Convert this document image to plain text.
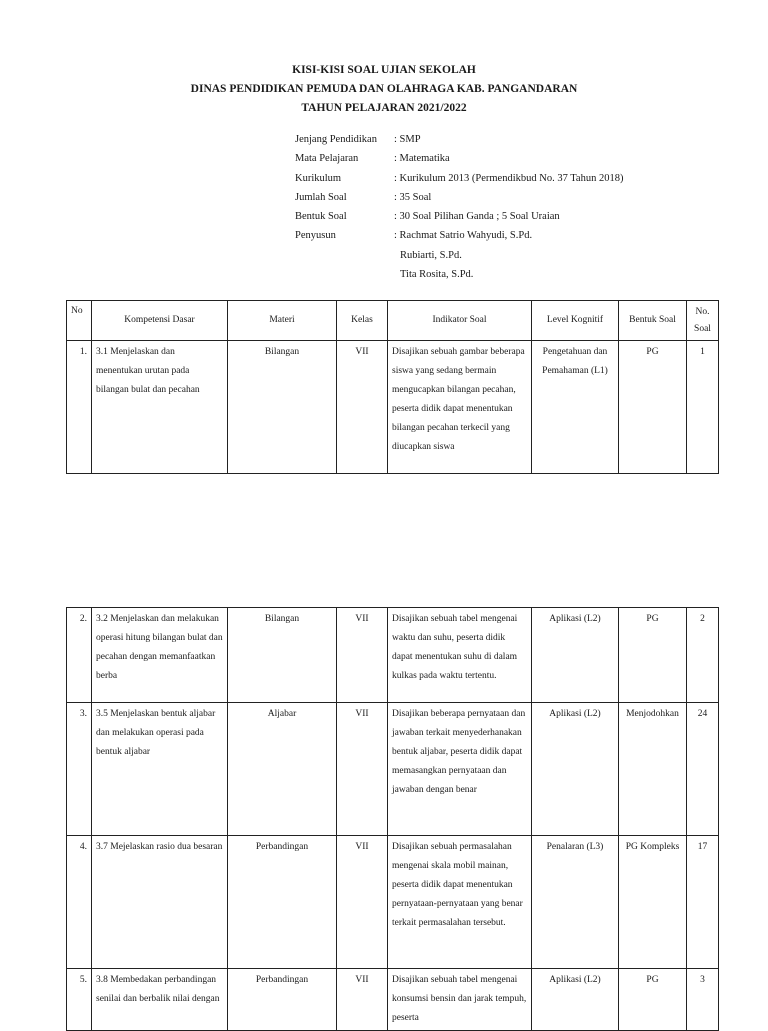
KISI-KISI SOAL UJIAN SEKOLAH
DINAS PENDIDIKAN PEMUDA DAN OLAHRAGA KAB. PANGANDARAN
TAHUN PELAJARAN 2021/2022
Jenjang Pendidikan	: SMP
Mata Pelajaran	: Matematika
Kurikulum	: Kurikulum 2013 (Permendikbud No. 37 Tahun 2018)
Jumlah Soal	: 35 Soal
Bentuk Soal	: 30 Soal Pilihan Ganda ; 5 Soal Uraian
Penyusun	: Rachmat Satrio Wahyudi, S.Pd.
Rubiarti, S.Pd.
Tita Rosita, S.Pd.
No	Kompetensi Dasar	Materi	Kelas	Indikator Soal	Level Kognitif	Bentuk Soal	No. Soal
1.	3.1 Menjelaskan dan menentukan urutan pada bilangan bulat dan pecahan	Bilangan	VII	Disajikan sebuah gambar beberapa siswa yang sedang bermain mengucapkan bilangan pecahan, peserta didik dapat menentukan bilangan pecahan terkecil yang diucapkan siswa	Pengetahuan dan Pemahaman (L1)	PG	1
2.	3.2 Menjelaskan dan melakukan operasi hitung bilangan bulat dan pecahan dengan memanfaatkan berba	Bilangan	VII	Disajikan sebuah tabel mengenai waktu dan suhu, peserta didik dapat menentukan suhu di dalam kulkas pada waktu tertentu.	Aplikasi (L2)	PG	2
3.	3.5 Menjelaskan bentuk aljabar dan melakukan operasi pada bentuk aljabar	Aljabar	VII	Disajikan beberapa pernyataan dan jawaban terkait menyederhanakan bentuk aljabar, peserta didik dapat memasangkan pernyataan dan jawaban dengan benar	Aplikasi (L2)	Menjodohkan	24
4.	3.7 Mejelaskan rasio dua besaran	Perbandingan	VII	Disajikan sebuah permasalahan mengenai skala mobil mainan, peserta didik dapat menentukan pernyataan-pernyataan yang benar terkait permasalahan tersebut.	Penalaran (L3)	PG Kompleks	17
5.	3.8 Membedakan perbandingan senilai dan berbalik nilai dengan	Perbandingan	VII	Disajikan sebuah tabel mengenai konsumsi bensin dan jarak tempuh, peserta	Aplikasi (L2)	PG	3
